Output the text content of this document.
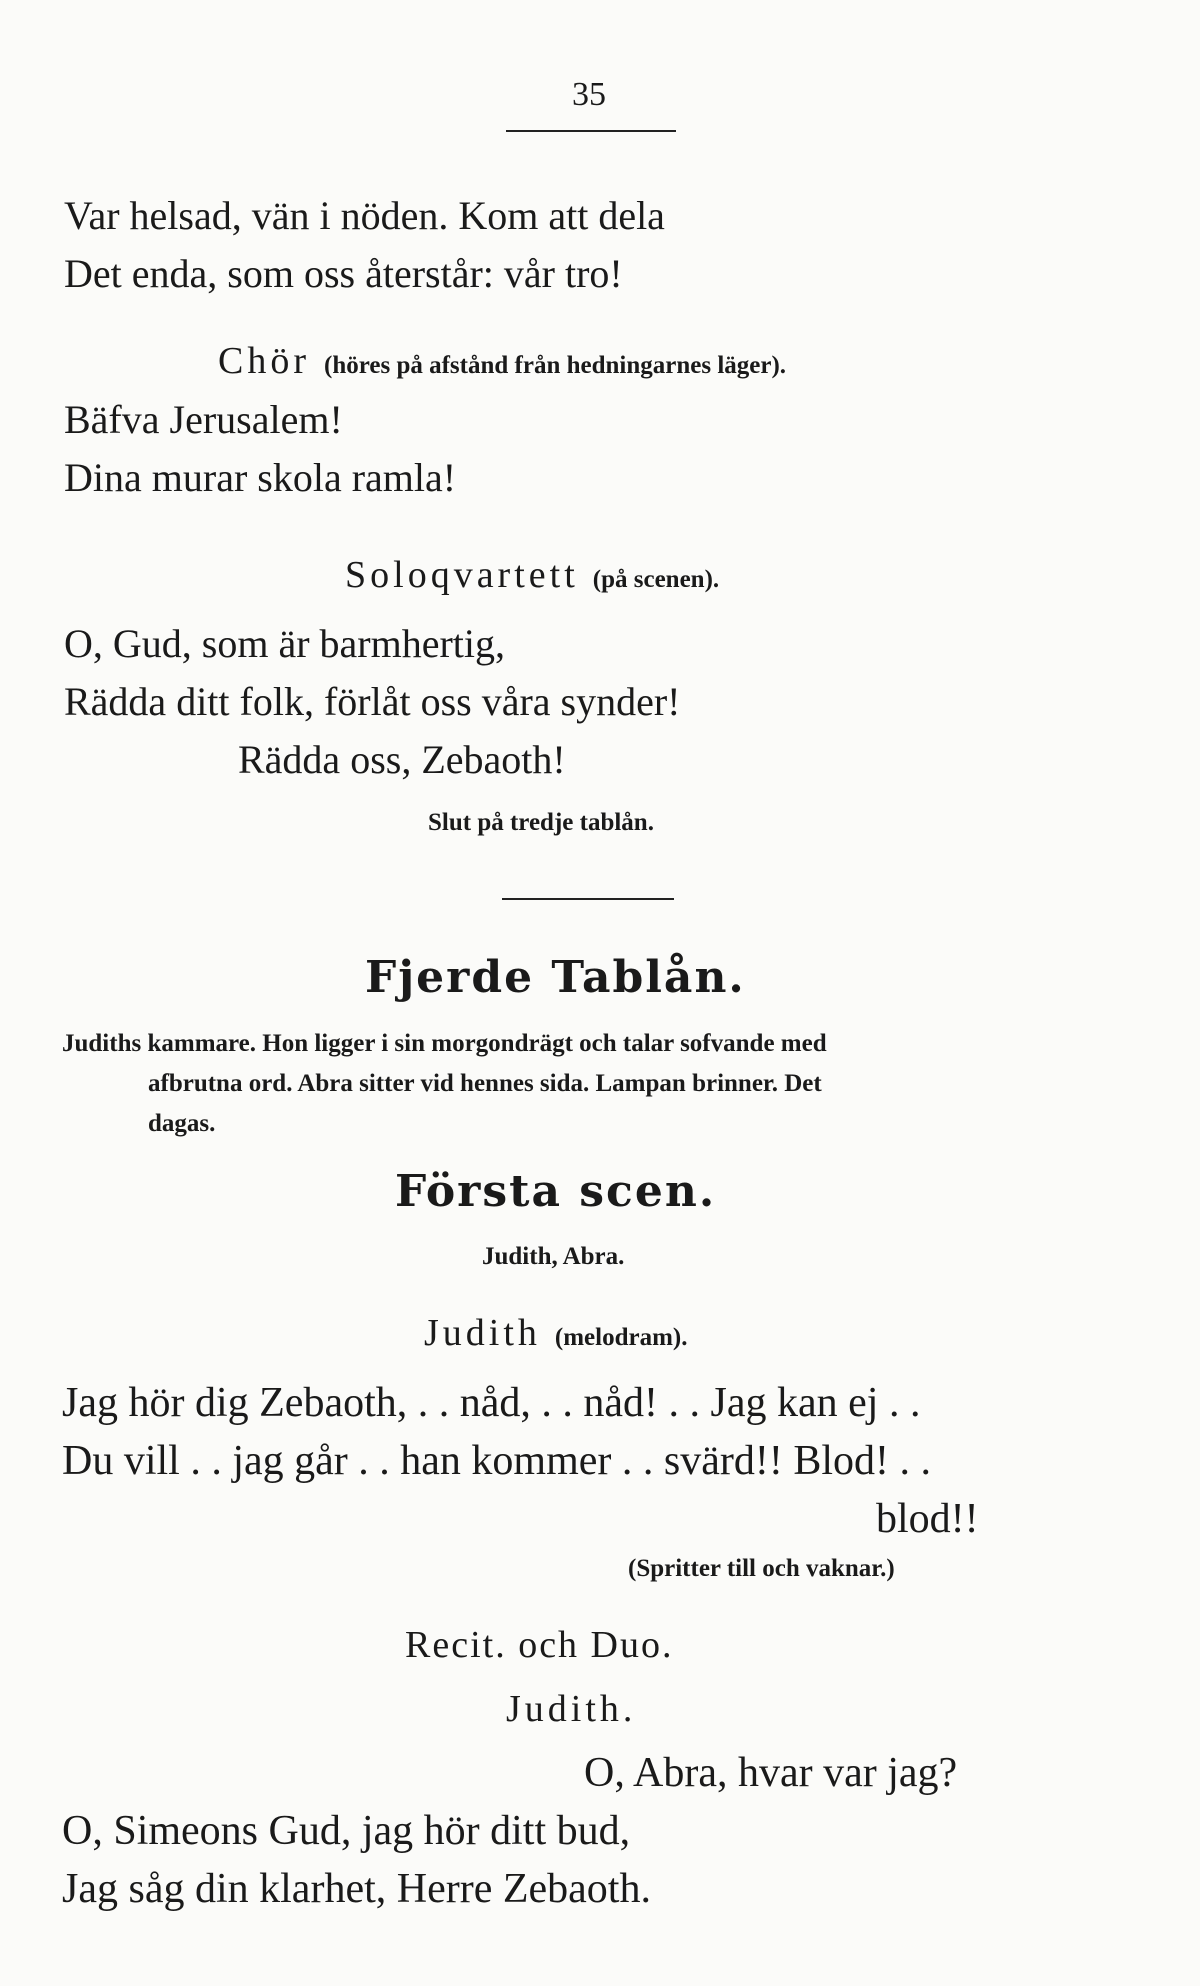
35
Var helsad, vän i nöden. Kom att dela
Det enda, som oss återstår: vår tro!
Chör (höres på afstånd från hedningarnes läger).
Bäfva Jerusalem!
Dina murar skola ramla!
Soloqvartett (på scenen).
O, Gud, som är barmhertig,
Rädda ditt folk, förlåt oss våra synder!
Rädda oss, Zebaoth!
Slut på tredje tablån.
Fjerde Tablån.
Judiths kammare. Hon ligger i sin morgondrägt och talar sofvande med
afbrutna ord. Abra sitter vid hennes sida. Lampan brinner. Det
dagas.
Första scen.
Judith, Abra.
Judith (melodram).
Jag hör dig Zebaoth, . . nåd, . . nåd! . . Jag kan ej . .
Du vill . . jag går . . han kommer . . svärd!! Blod! . .
blod!!
(Spritter till och vaknar.)
Recit. och Duo.
Judith.
O, Abra, hvar var jag?
O, Simeons Gud, jag hör ditt bud,
Jag såg din klarhet, Herre Zebaoth.
